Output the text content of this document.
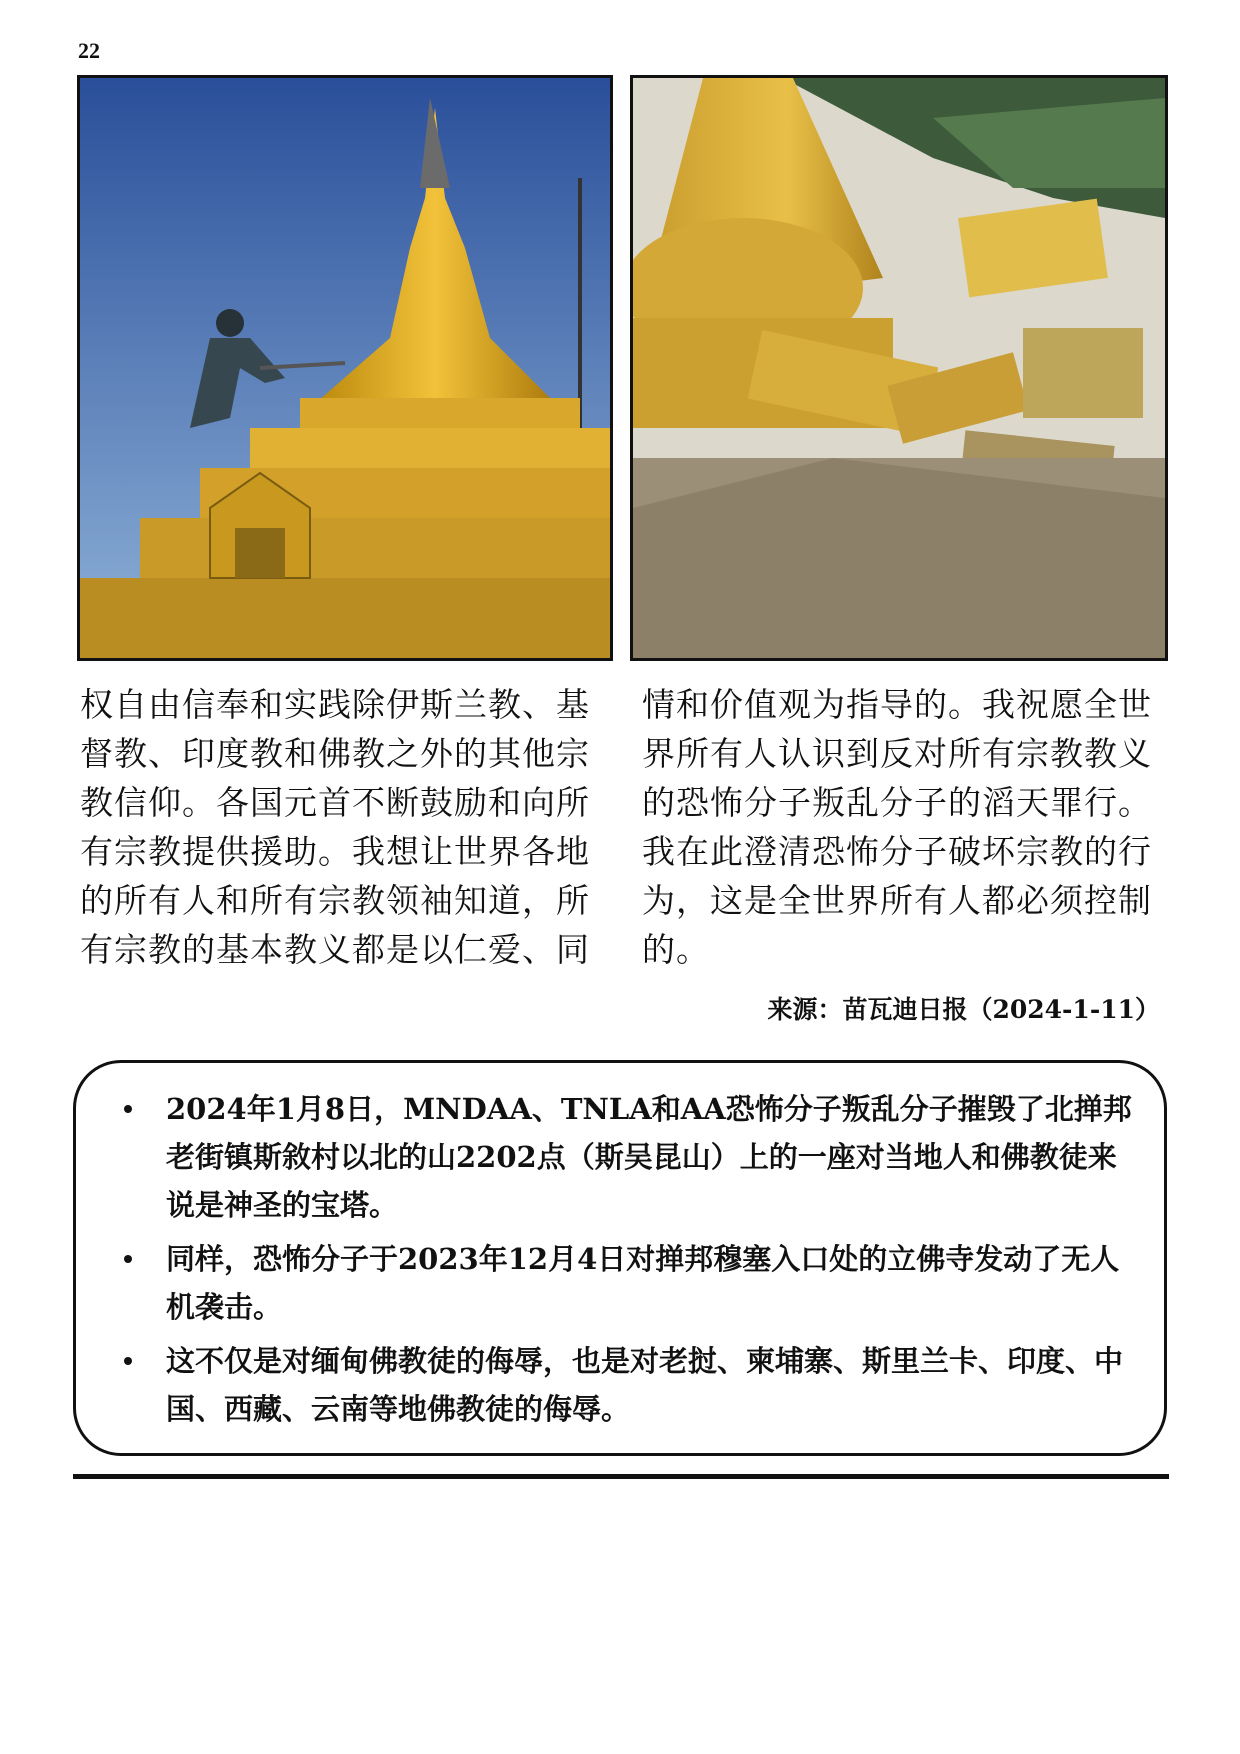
22
权自由信奉和实践除伊斯兰教、基督教、印度教和佛教之外的其他宗教信仰。各国元首不断鼓励和向所有宗教提供援助。我想让世界各地的所有人和所有宗教领袖知道，所有宗教的基本教义都是以仁爱、同
情和价值观为指导的。我祝愿全世界所有人认识到反对所有宗教教义的恐怖分子叛乱分子的滔天罪行。我在此澄清恐怖分子破坏宗教的行为，这是全世界所有人都必须控制的。
来源：苗瓦迪日报（2024-1-11）
2024年1月8日，MNDAA、TNLA和AA恐怖分子叛乱分子摧毁了北掸邦老街镇斯敘村以北的山2202点（斯吴昆山）上的一座对当地人和佛教徒来说是神圣的宝塔。
同样，恐怖分子于2023年12月4日对掸邦穆塞入口处的立佛寺发动了无人机袭击。
这不仅是对缅甸佛教徒的侮辱，也是对老挝、柬埔寨、斯里兰卡、印度、中国、西藏、云南等地佛教徒的侮辱。
